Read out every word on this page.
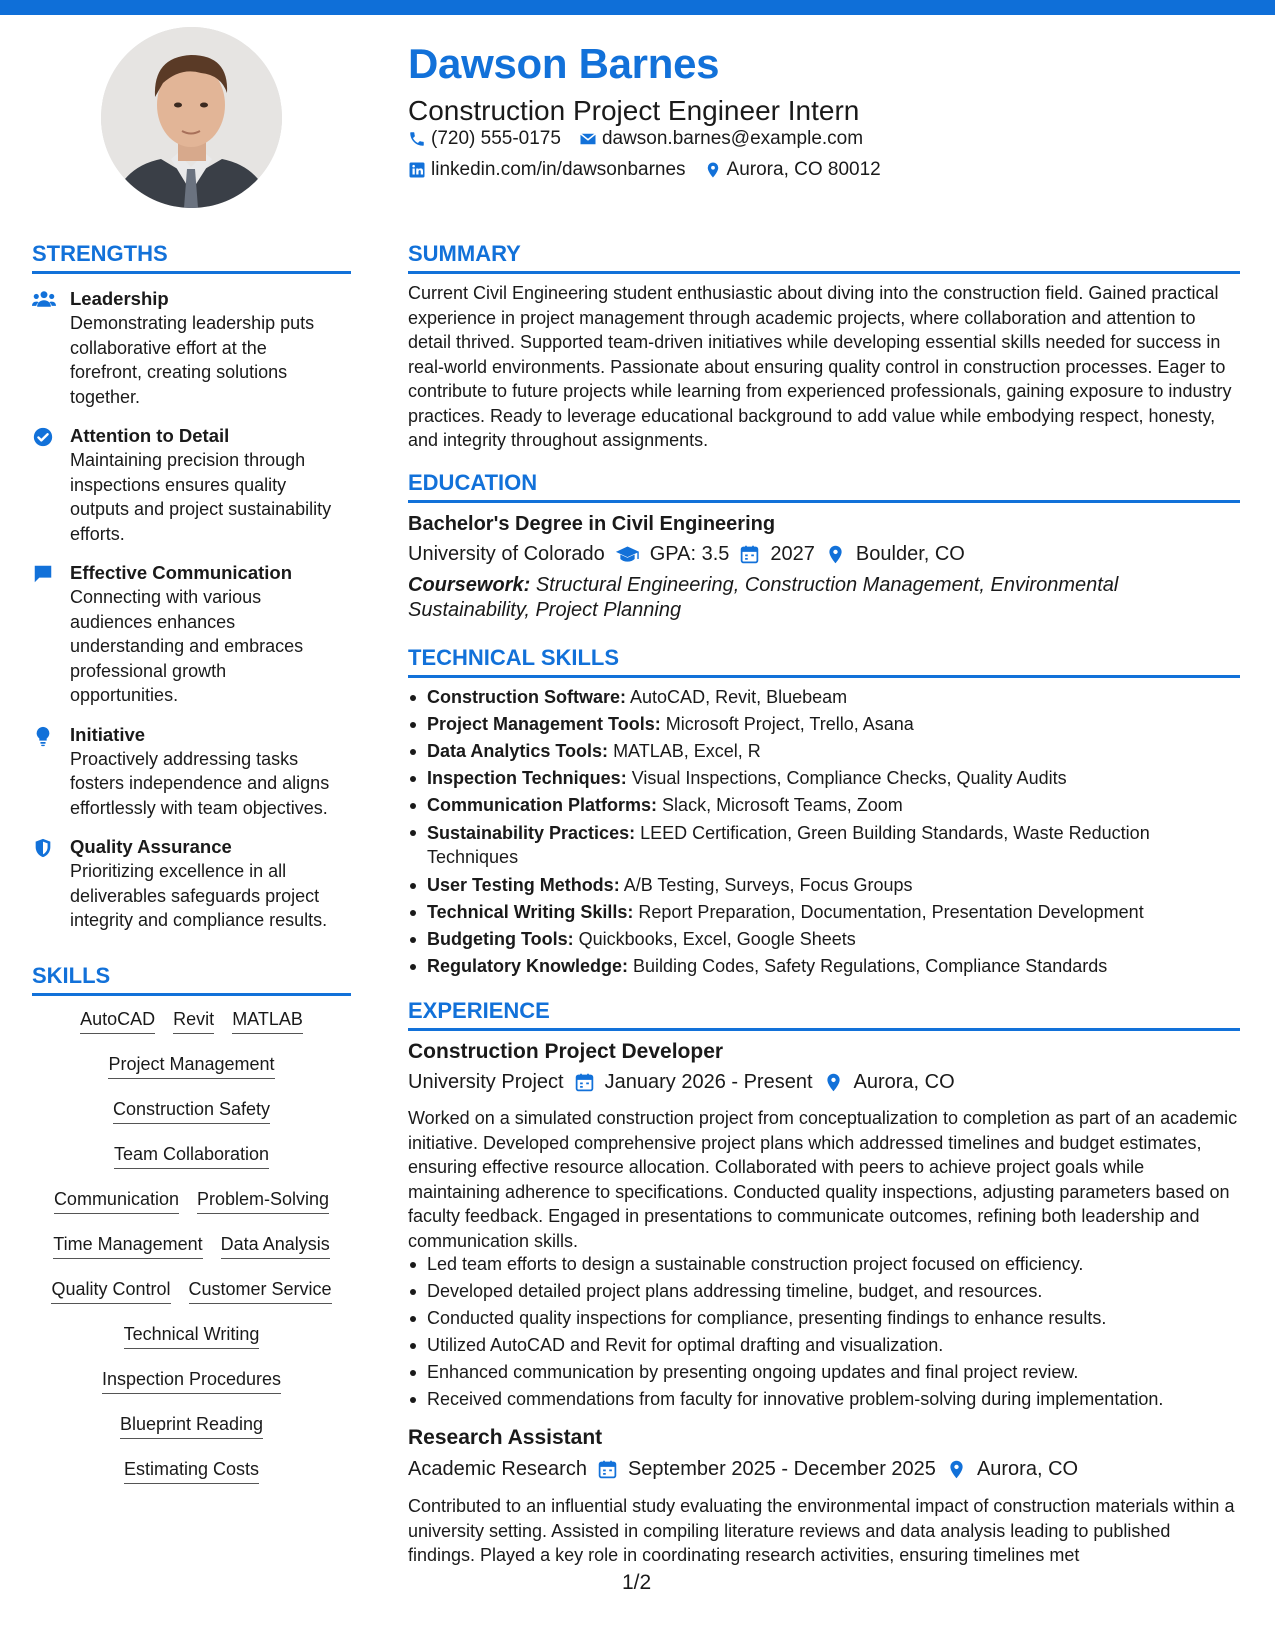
Dawson Barnes
Construction Project Engineer Intern
(720) 555-0175 dawson.barnes@example.com
linkedin.com/in/dawsonbarnes Aurora, CO 80012
STRENGTHS
Leadership
Demonstrating leadership puts collaborative effort at the forefront, creating solutions together.
Attention to Detail
Maintaining precision through inspections ensures quality outputs and project sustainability efforts.
Effective Communication
Connecting with various audiences enhances understanding and embraces professional growth opportunities.
Initiative
Proactively addressing tasks fosters independence and aligns effortlessly with team objectives.
Quality Assurance
Prioritizing excellence in all deliverables safeguards project integrity and compliance results.
SKILLS
AutoCAD Revit MATLAB
Project Management
Construction Safety
Team Collaboration
Communication Problem-Solving
Time Management Data Analysis
Quality Control Customer Service
Technical Writing
Inspection Procedures
Blueprint Reading
Estimating Costs
SUMMARY
Current Civil Engineering student enthusiastic about diving into the construction field. Gained practical experience in project management through academic projects, where collaboration and attention to detail thrived. Supported team-driven initiatives while developing essential skills needed for success in real-world environments. Passionate about ensuring quality control in construction processes. Eager to contribute to future projects while learning from experienced professionals, gaining exposure to industry practices. Ready to leverage educational background to add value while embodying respect, honesty, and integrity throughout assignments.
EDUCATION
Bachelor's Degree in Civil Engineering
University of Colorado GPA: 3.5 2027 Boulder, CO
Coursework: Structural Engineering, Construction Management, Environmental Sustainability, Project Planning
TECHNICAL SKILLS
Construction Software: AutoCAD, Revit, Bluebeam
Project Management Tools: Microsoft Project, Trello, Asana
Data Analytics Tools: MATLAB, Excel, R
Inspection Techniques: Visual Inspections, Compliance Checks, Quality Audits
Communication Platforms: Slack, Microsoft Teams, Zoom
Sustainability Practices: LEED Certification, Green Building Standards, Waste Reduction Techniques
User Testing Methods: A/B Testing, Surveys, Focus Groups
Technical Writing Skills: Report Preparation, Documentation, Presentation Development
Budgeting Tools: Quickbooks, Excel, Google Sheets
Regulatory Knowledge: Building Codes, Safety Regulations, Compliance Standards
EXPERIENCE
Construction Project Developer
University Project January 2026 - Present Aurora, CO
Worked on a simulated construction project from conceptualization to completion as part of an academic initiative. Developed comprehensive project plans which addressed timelines and budget estimates, ensuring effective resource allocation. Collaborated with peers to achieve project goals while maintaining adherence to specifications. Conducted quality inspections, adjusting parameters based on faculty feedback. Engaged in presentations to communicate outcomes, refining both leadership and communication skills.
Led team efforts to design a sustainable construction project focused on efficiency.
Developed detailed project plans addressing timeline, budget, and resources.
Conducted quality inspections for compliance, presenting findings to enhance results.
Utilized AutoCAD and Revit for optimal drafting and visualization.
Enhanced communication by presenting ongoing updates and final project review.
Received commendations from faculty for innovative problem-solving during implementation.
Research Assistant
Academic Research September 2025 - December 2025 Aurora, CO
Contributed to an influential study evaluating the environmental impact of construction materials within a university setting. Assisted in compiling literature reviews and data analysis leading to published findings. Played a key role in coordinating research activities, ensuring timelines met
1/2
